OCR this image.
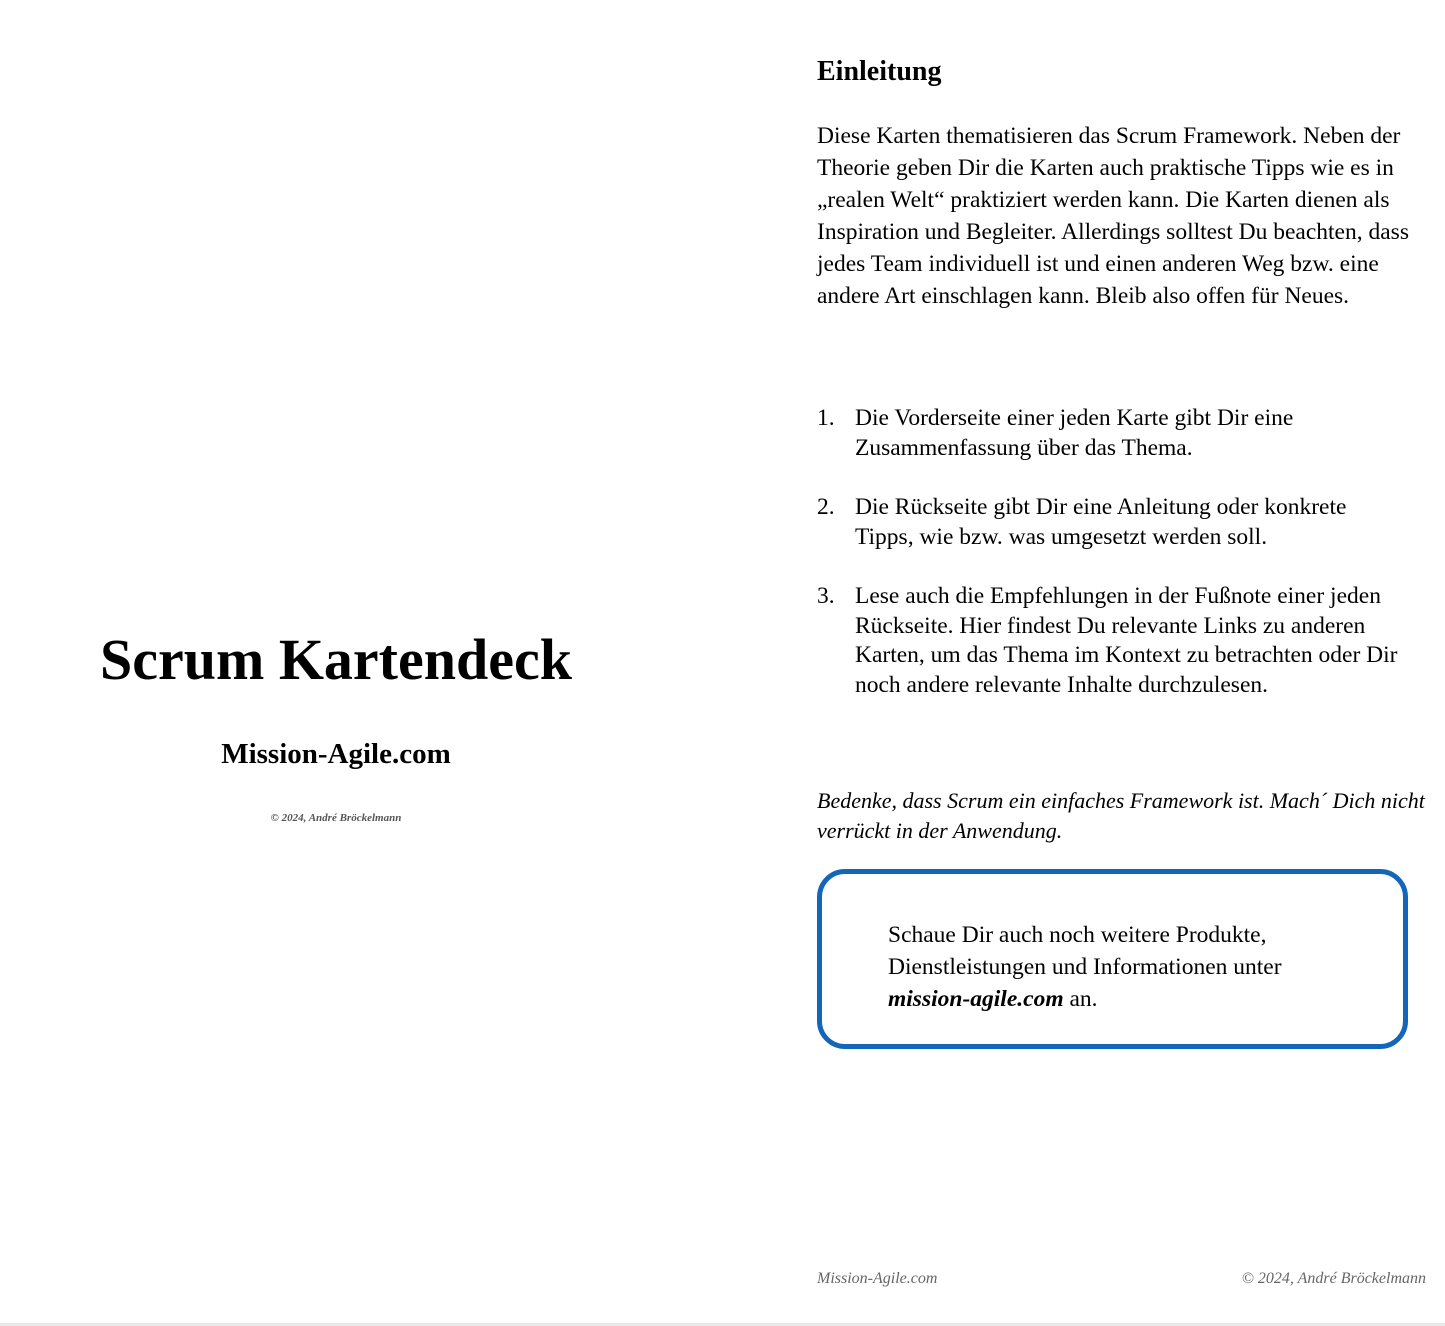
Scrum Kartendeck
Mission-Agile.com
© 2024, André Bröckelmann
Einleitung

Diese Karten thematisieren das Scrum Framework. Neben der Theorie geben Dir die Karten auch praktische Tipps wie es in „realen Welt“ praktiziert werden kann. Die Karten dienen als Inspiration und Begleiter. Allerdings solltest Du beachten, dass jedes Team individuell ist und einen anderen Weg bzw. eine andere Art einschlagen kann. Bleib also offen für Neues.

1. Die Vorderseite einer jeden Karte gibt Dir eine Zusammenfassung über das Thema.
2. Die Rückseite gibt Dir eine Anleitung oder konkrete Tipps, wie bzw. was umgesetzt werden soll.
3. Lese auch die Empfehlungen in der Fußnote einer jeden Rückseite. Hier findest Du relevante Links zu anderen Karten, um das Thema im Kontext zu betrachten oder Dir noch andere relevante Inhalte durchzulesen.

Bedenke, dass Scrum ein einfaches Framework ist. Mach´ Dich nicht verrückt in der Anwendung.

Schaue Dir auch noch weitere Produkte, Dienstleistungen und Informationen unter mission-agile.com an.

Mission-Agile.com	© 2024, André Bröckelmann
